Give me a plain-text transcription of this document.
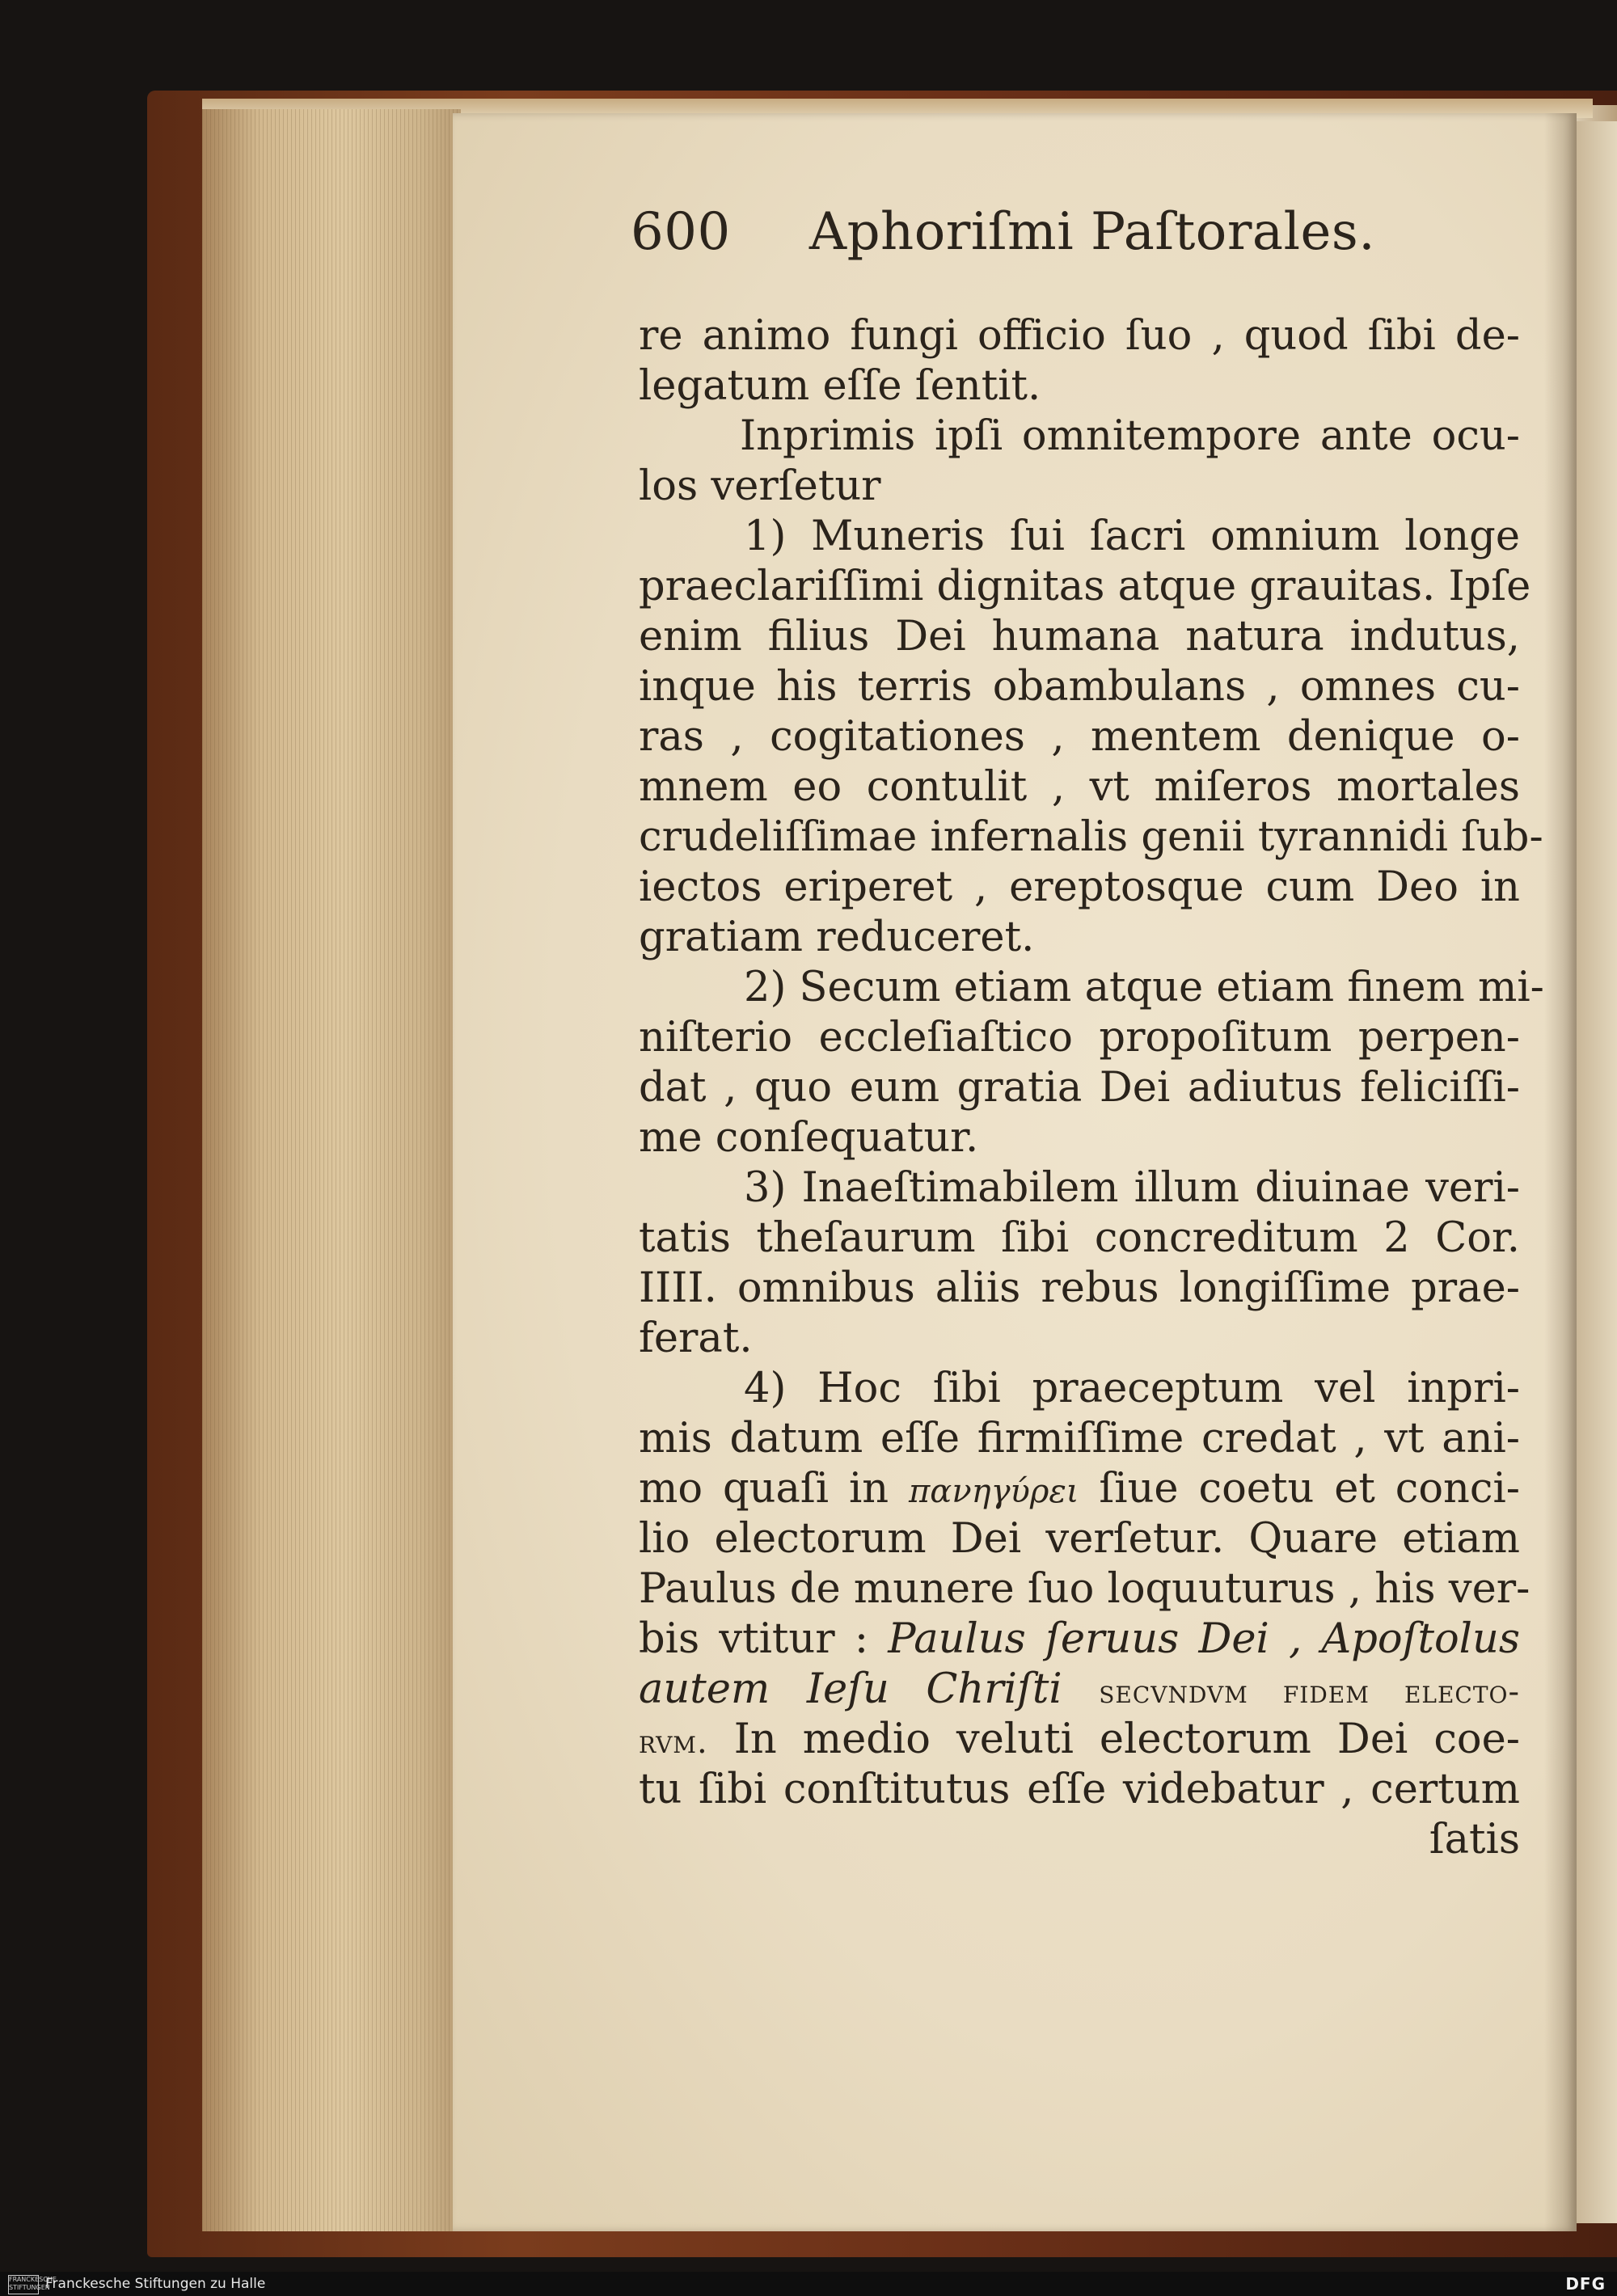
600 Aphoriſmi Paſtorales.
re animo fungi officio ſuo , quod ſibi de-
legatum eſſe ſentit.
Inprimis ipſi omnitempore ante ocu-
los verſetur
1) Muneris ſui ſacri omnium longe
praeclariſſimi dignitas atque grauitas. Ipſe
enim filius Dei humana natura indutus,
inque his terris obambulans , omnes cu-
ras , cogitationes , mentem denique o-
mnem eo contulit , vt miſeros mortales
crudeliſſimae infernalis genii tyrannidi ſub-
iectos eriperet , ereptosque cum Deo in
gratiam reduceret.
2) Secum etiam atque etiam finem mi-
niſterio eccleſiaſtico propoſitum perpen-
dat , quo eum gratia Dei adiutus feliciſſi-
me conſequatur.
3) Inaeſtimabilem illum diuinae veri-
tatis theſaurum ſibi concreditum 2 Cor.
IIII. omnibus aliis rebus longiſſime prae-
ferat.
4) Hoc ſibi praeceptum vel inpri-
mis datum eſſe firmiſſime credat , vt ani-
mo quaſi in πανηγύρει ſiue coetu et conci-
lio electorum Dei verſetur. Quare etiam
Paulus de munere ſuo loquuturus , his ver-
bis vtitur : Paulus ſeruus Dei , Apoſtolus
autem Ieſu Chriſti secvndvm fidem electo-
rvm. In medio veluti electorum Dei coe-
tu ſibi conſtitutus eſſe videbatur , certum
ſatis
FRANCKESCHE STIFTUNGEN
Franckesche Stiftungen zu Halle	DFG
